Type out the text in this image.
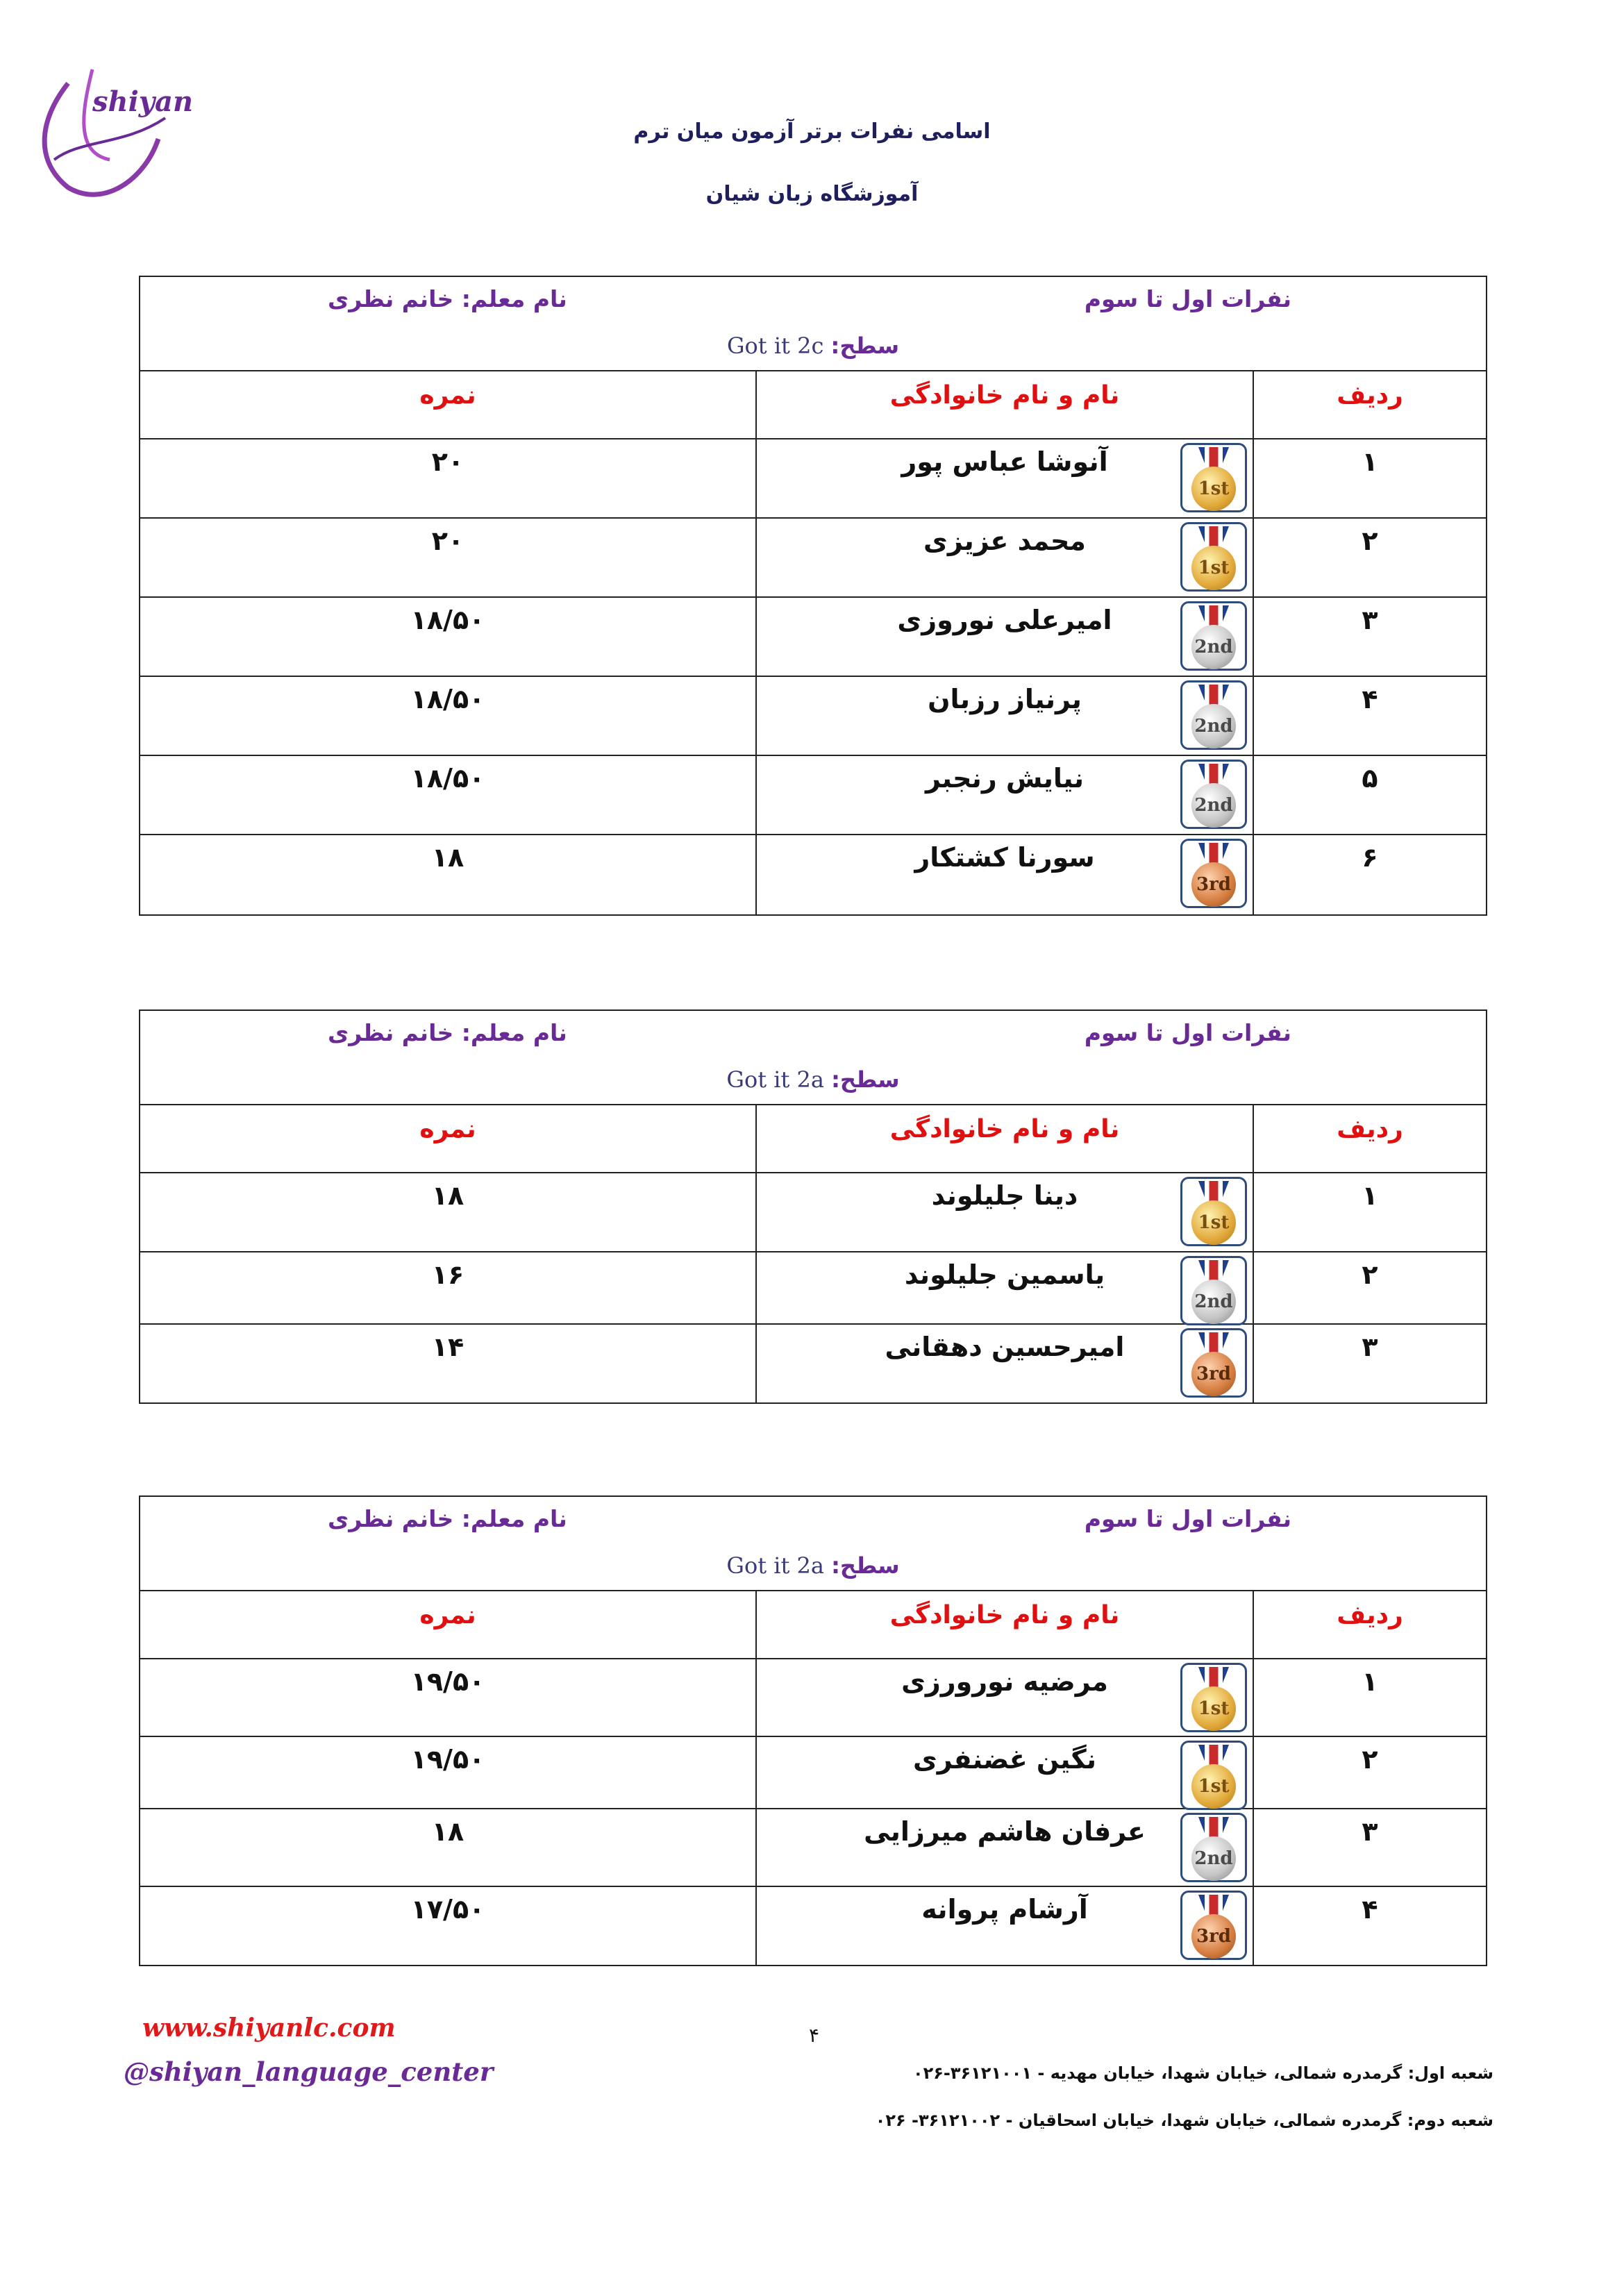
shiyan
اسامی نفرات برتر آزمون میان ترم
آموزشگاه زبان شیان
نفرات اول تا سوم
نام معلم: خانم نظری
سطح: Got it 2c
ردیف
نام و نام خانوادگی
نمره
۱
1st
آنوشا عباس پور
۲۰
۲
1st
محمد عزیزی
۲۰
۳
2nd
امیرعلی نوروزی
۱۸/۵۰
۴
2nd
پرنیاز رزبان
۱۸/۵۰
۵
2nd
نیایش رنجبر
۱۸/۵۰
۶
3rd
سورنا کشتکار
۱۸
نفرات اول تا سوم
نام معلم: خانم نظری
سطح: Got it 2a
ردیف
نام و نام خانوادگی
نمره
۱
1st
دینا جلیلوند
۱۸
۲
2nd
یاسمین جلیلوند
۱۶
۳
3rd
امیرحسین دهقانی
۱۴
نفرات اول تا سوم
نام معلم: خانم نظری
سطح: Got it 2a
ردیف
نام و نام خانوادگی
نمره
۱
1st
مرضیه نورورزی
۱۹/۵۰
۲
1st
نگین غضنفری
۱۹/۵۰
۳
2nd
عرفان هاشم میرزایی
۱۸
۴
3rd
آرشام پروانه
۱۷/۵۰
www.shiyanlc.com
@shiyan_language_center
۴
شعبه اول: گرمدره شمالی، خیابان شهدا، خیابان مهدیه - ۳۶۱۲۱۰۰۱-۰۲۶
شعبه دوم: گرمدره شمالی، خیابان شهدا، خیابان اسحاقیان - ۳۶۱۲۱۰۰۲- ۰۲۶
